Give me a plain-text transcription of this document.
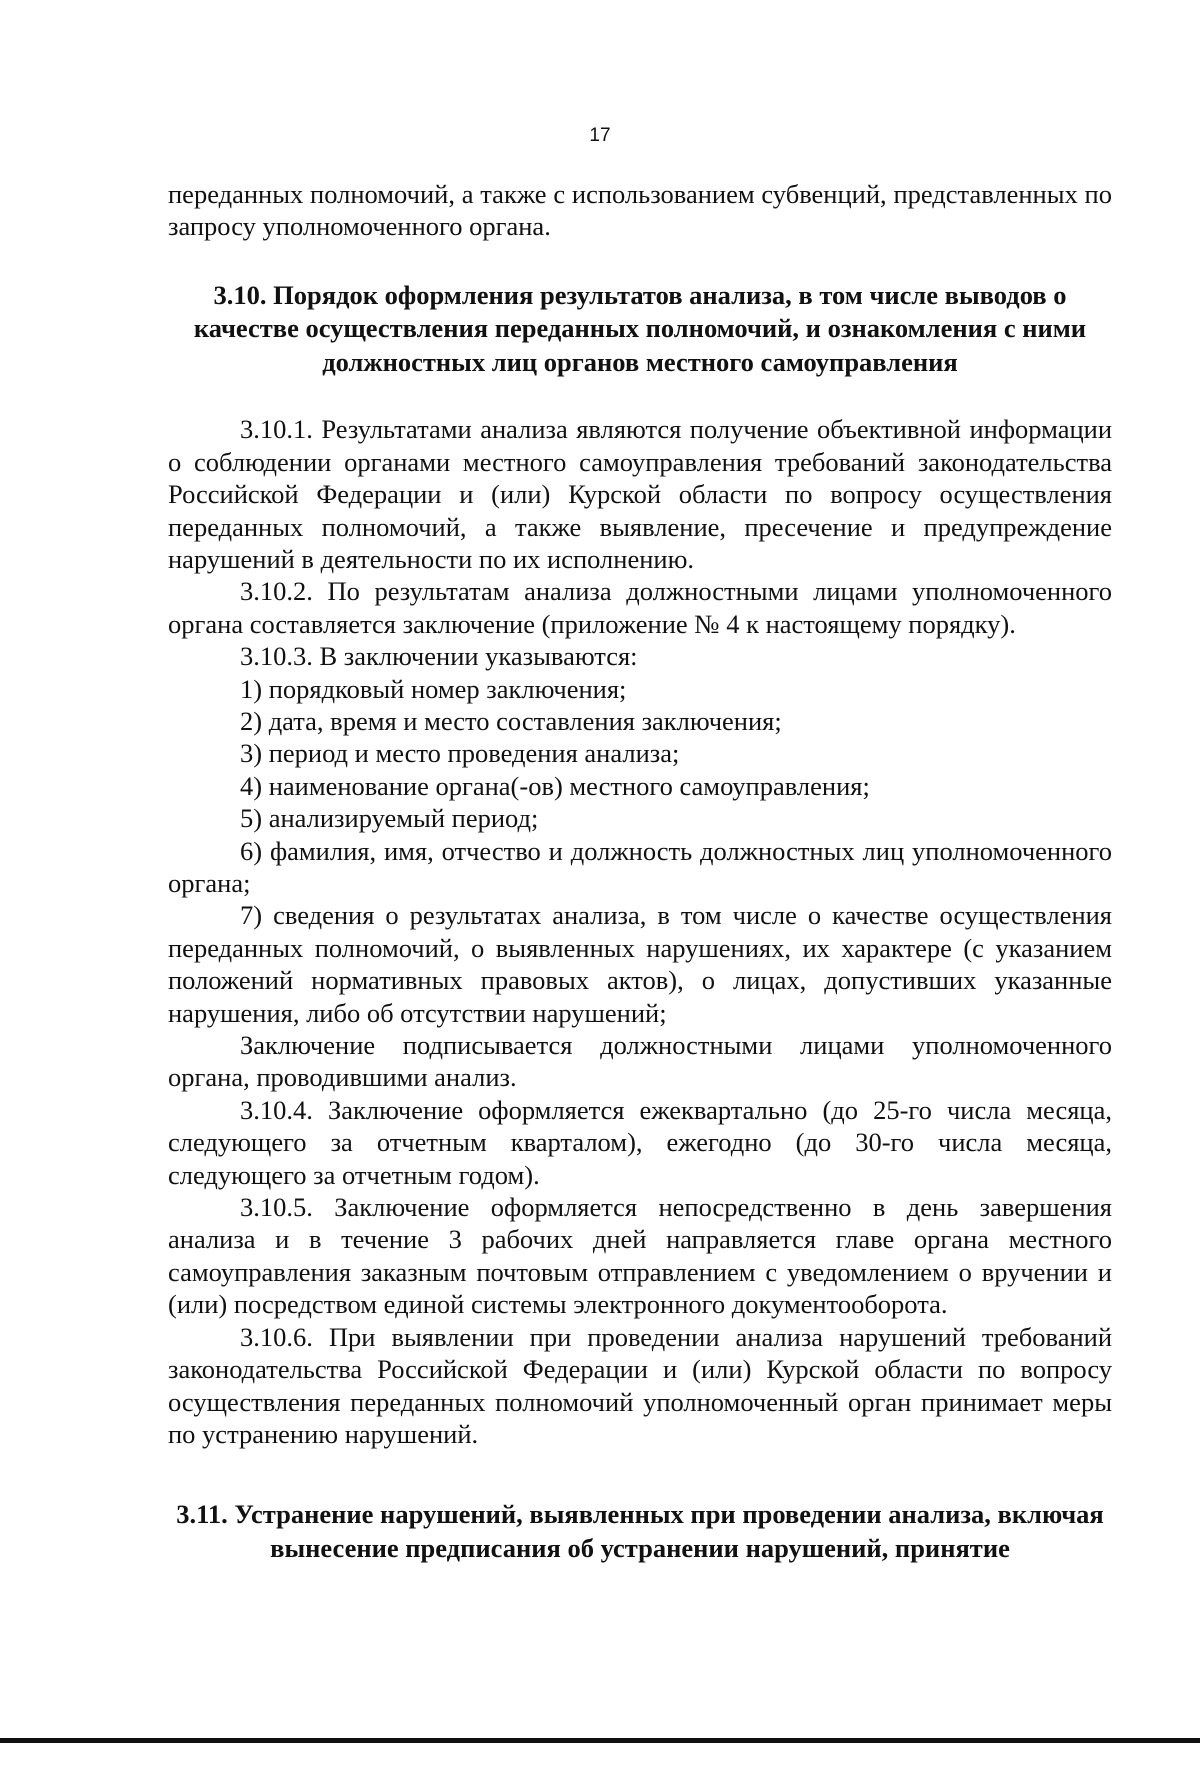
17

переданных полномочий, а также с использованием субвенций, представленных по запросу уполномоченного органа.

3.10. Порядок оформления результатов анализа, в том числе выводов о качестве осуществления переданных полномочий, и ознакомления с ними должностных лиц органов местного самоуправления

3.10.1. Результатами анализа являются получение объективной информации о соблюдении органами местного самоуправления требований законодательства Российской Федерации и (или) Курской области по вопросу осуществления переданных полномочий, а также выявление, пресечение и предупреждение нарушений в деятельности по их исполнению.

3.10.2. По результатам анализа должностными лицами уполномоченного органа составляется заключение (приложение № 4 к настоящему порядку).

3.10.3. В заключении указываются:

1) порядковый номер заключения;

2) дата, время и место составления заключения;

3) период и место проведения анализа;

4) наименование органа(-ов) местного самоуправления;

5) анализируемый период;

6) фамилия, имя, отчество и должность должностных лиц уполномоченного органа;

7) сведения о результатах анализа, в том числе о качестве осуществления переданных полномочий, о выявленных нарушениях, их характере (с указанием положений нормативных правовых актов), о лицах, допустивших указанные нарушения, либо об отсутствии нарушений;

Заключение подписывается должностными лицами уполномоченного органа, проводившими анализ.

3.10.4. Заключение оформляется ежеквартально (до 25-го числа месяца, следующего за отчетным кварталом), ежегодно (до 30-го числа месяца, следующего за отчетным годом).

3.10.5. Заключение оформляется непосредственно в день завершения анализа и в течение 3 рабочих дней направляется главе органа местного самоуправления заказным почтовым отправлением с уведомлением о вручении и (или) посредством единой системы электронного документооборота.

3.10.6. При выявлении при проведении анализа нарушений требований законодательства Российской Федерации и (или) Курской области по вопросу осуществления переданных полномочий уполномоченный орган принимает меры по устранению нарушений.

3.11. Устранение нарушений, выявленных при проведении анализа, включая вынесение предписания об устранении нарушений, принятие
